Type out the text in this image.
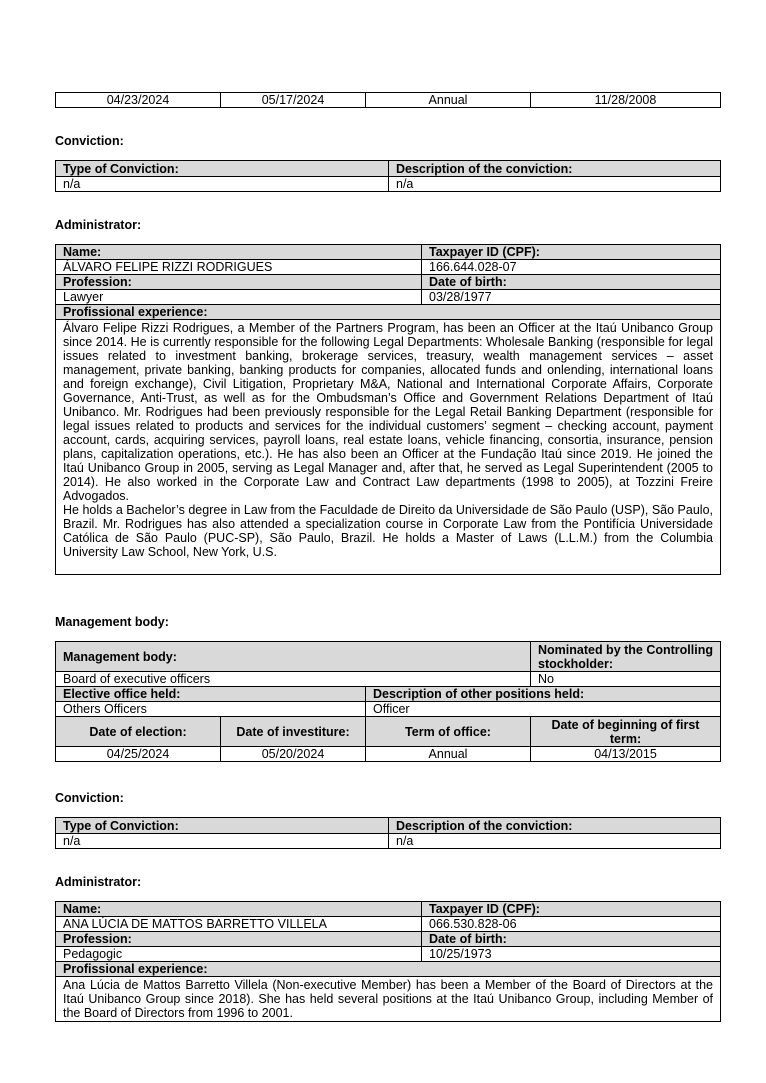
04/23/2024	05/17/2024	Annual	11/28/2008

Conviction:

Type of Conviction:	Description of the conviction:
n/a	n/a

Administrator:

Name:	Taxpayer ID (CPF):
ÁLVARO FELIPE RIZZI RODRIGUES	166.644.028-07
Profession:	Date of birth:
Lawyer	03/28/1977
Profissional experience:	

Álvaro Felipe Rizzi Rodrigues, a Member of the Partners Program, has been an Officer at the Itaú Unibanco Group since 2014. He is currently responsible for the following Legal Departments: Wholesale Banking (responsible for legal issues related to investment banking, brokerage services, treasury, wealth management services – asset management, private banking, banking products for companies, allocated funds and onlending, international loans and foreign exchange), Civil Litigation, Proprietary M&A, National and International Corporate Affairs, Corporate Governance, Anti-Trust, as well as for the Ombudsman’s Office and Government Relations Department of Itaú Unibanco. Mr. Rodrigues had been previously responsible for the Legal Retail Banking Department (responsible for legal issues related to products and services for the individual customers’ segment – checking account, payment account, cards, acquiring services, payroll loans, real estate loans, vehicle financing, consortia, insurance, pension plans, capitalization operations, etc.). He has also been an Officer at the Fundação Itaú since 2019. He joined the Itaú Unibanco Group in 2005, serving as Legal Manager and, after that, he served as Legal Superintendent (2005 to 2014). He also worked in the Corporate Law and Contract Law departments (1998 to 2005), at Tozzini Freire Advogados.

He holds a Bachelor’s degree in Law from the Faculdade de Direito da Universidade de São Paulo (USP), São Paulo, Brazil. Mr. Rodrigues has also attended a specialization course in Corporate Law from the Pontifícia Universidade Católica de São Paulo (PUC-SP), São Paulo, Brazil. He holds a Master of Laws (L.L.M.) from the Columbia University Law School, New York, U.S.	

Management body:

Management body:			Nominated by the Controlling stockholder:
Board of executive officers			No
Elective office held:		Description of other positions held:	
Others Officers		Officer	
Date of election:	Date of investiture:	Term of office:	Date of beginning of first term:
04/25/2024	05/20/2024	Annual	04/13/2015

Conviction:

Type of Conviction:	Description of the conviction:
n/a	n/a

Administrator:

Name:	Taxpayer ID (CPF):
ANA LÚCIA DE MATTOS BARRETTO VILLELA	066.530.828-06
Profession:	Date of birth:
Pedagogic	10/25/1973
Profissional experience:	

Ana Lúcia de Mattos Barretto Villela (Non-executive Member) has been a Member of the Board of Directors at the Itaú Unibanco Group since 2018). She has held several positions at the Itaú Unibanco Group, including Member of the Board of Directors from 1996 to 2001.	
